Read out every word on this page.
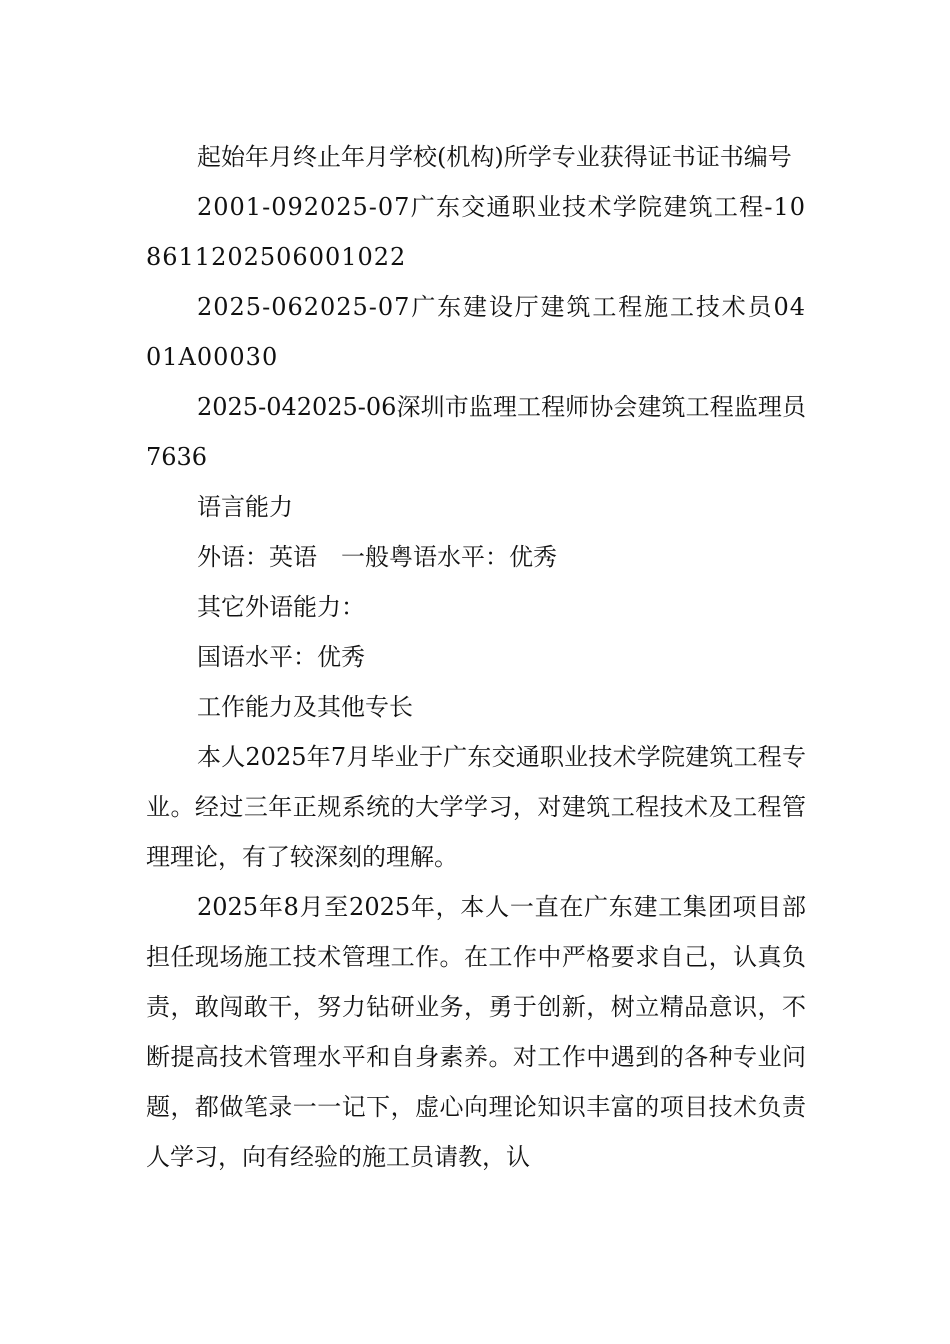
起始年月终止年月学校(机构)所学专业获得证书证书编号

2001-092025-07广东交通职业技术学院建筑工程-108611202506001022

2025-062025-07广东建设厅建筑工程施工技术员0401A00030

2025-042025-06深圳市监理工程师协会建筑工程监理员7636

语言能力

外语：英语　一般粤语水平：优秀

其它外语能力：

国语水平：优秀

工作能力及其他专长

本人2025年7月毕业于广东交通职业技术学院建筑工程专业。经过三年正规系统的大学学习，对建筑工程技术及工程管理理论，有了较深刻的理解。

2025年8月至2025年，本人一直在广东建工集团项目部担任现场施工技术管理工作。在工作中严格要求自己，认真负责，敢闯敢干，努力钻研业务，勇于创新，树立精品意识，不断提高技术管理水平和自身素养。对工作中遇到的各种专业问题，都做笔录一一记下，虚心向理论知识丰富的项目技术负责人学习，向有经验的施工员请教，认
